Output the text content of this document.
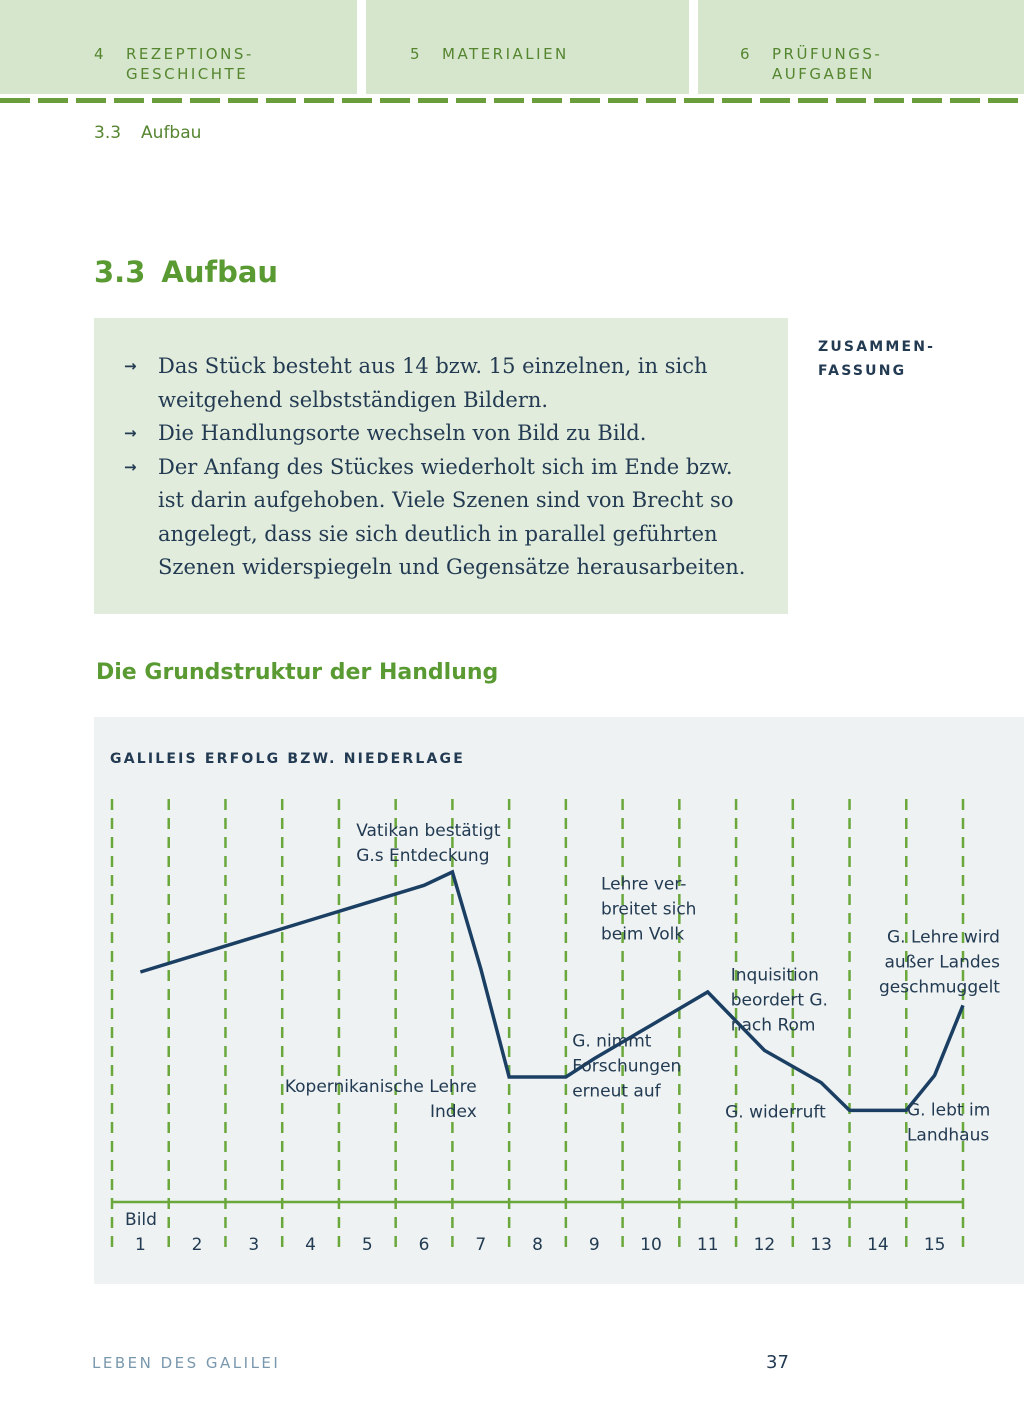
4	REZEPTIONS-
GESCHICHTE
5	MATERIALIEN	6	PRÜFUNGS-
AUFGABEN
3.3 Aufbau
3.3 Aufbau
→ Das Stück besteht aus 14 bzw. 15 einzelnen, in sich weitgehend selbstständigen Bildern.
→ Die Handlungsorte wechseln von Bild zu Bild.
→ Der Anfang des Stückes wiederholt sich im Ende bzw. ist darin aufgehoben. Viele Szenen sind von Brecht so angelegt, dass sie sich deutlich in parallel geführten Szenen widerspiegeln und Gegensätze herausarbeiten.
ZUSAMMEN-
FASSUNG
Die Grundstruktur der Handlung
GALILEIS ERFOLG BZW. NIEDERLAGE
Bild
1	2	3	4	5	6	7	8	9 10 11 12 13 14 15
Vatikan bestätigt G.s Entdeckung
Kopernikanische Lehre Index
G. nimmt Forschungen erneut auf
Lehre ver-breitet sich beim Volk
Inquisition beordert G. nach Rom
G. widerruft
G. Lehre wird außer Landes geschmuggelt
G. lebt im Landhaus
LEBEN DES GALILEI	37
